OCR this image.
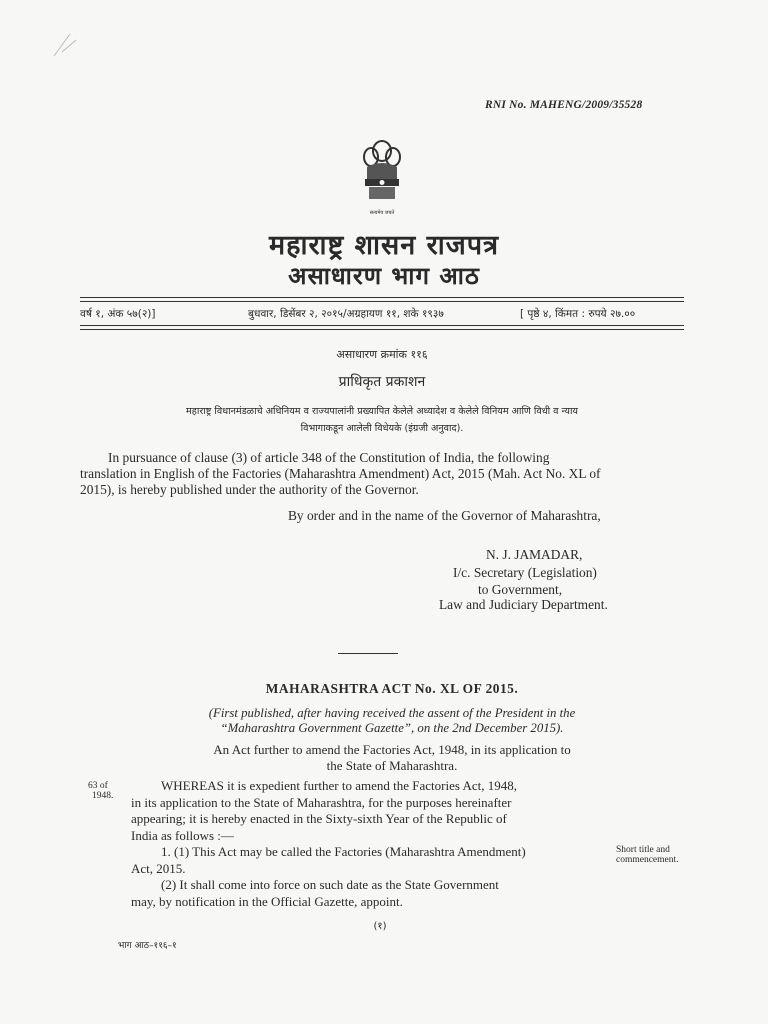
RNI No. MAHENG/2009/35528
सत्यमेव जयते
महाराष्ट्र शासन राजपत्र
असाधारण भाग आठ
वर्ष १, अंक ५७(२)]	बुधवार, डिसेंबर २, २०१५/अग्रहायण ११, शके १९३७	[ पृष्ठे ४, किंमत : रुपये २७.००
असाधारण क्रमांक ११६
प्राधिकृत प्रकाशन
महाराष्ट्र विधानमंडळाचे अधिनियम व राज्यपालांनी प्रख्यापित केलेले अध्यादेश व केलेले विनियम आणि विधी व न्याय
विभागाकडून आलेली विधेयके (इंग्रजी अनुवाद).
In pursuance of clause (3) of article 348 of the Constitution of India, the following
translation in English of the Factories (Maharashtra Amendment) Act, 2015 (Mah. Act No. XL of
2015), is hereby published under the authority of the Governor.
By order and in the name of the Governor of Maharashtra,
N. J. JAMADAR,
I/c. Secretary (Legislation)
to Government,
Law and Judiciary Department.
MAHARASHTRA ACT No. XL OF 2015.
(First published, after having received the assent of the President in the
“Maharashtra Government Gazette”, on the 2nd December 2015).
An Act further to amend the Factories Act, 1948, in its application to
the State of Maharashtra.
63 of
1948.
WHEREAS it is expedient further to amend the Factories Act, 1948,
in its application to the State of Maharashtra, for the purposes hereinafter
appearing; it is hereby enacted in the Sixty-sixth Year of the Republic of
India as follows :—
1. (1) This Act may be called the Factories (Maharashtra Amendment)
Act, 2015.
(2) It shall come into force on such date as the State Government
may, by notification in the Official Gazette, appoint.
Short title and
commencement.
(१)
भाग आठ–११६–१
